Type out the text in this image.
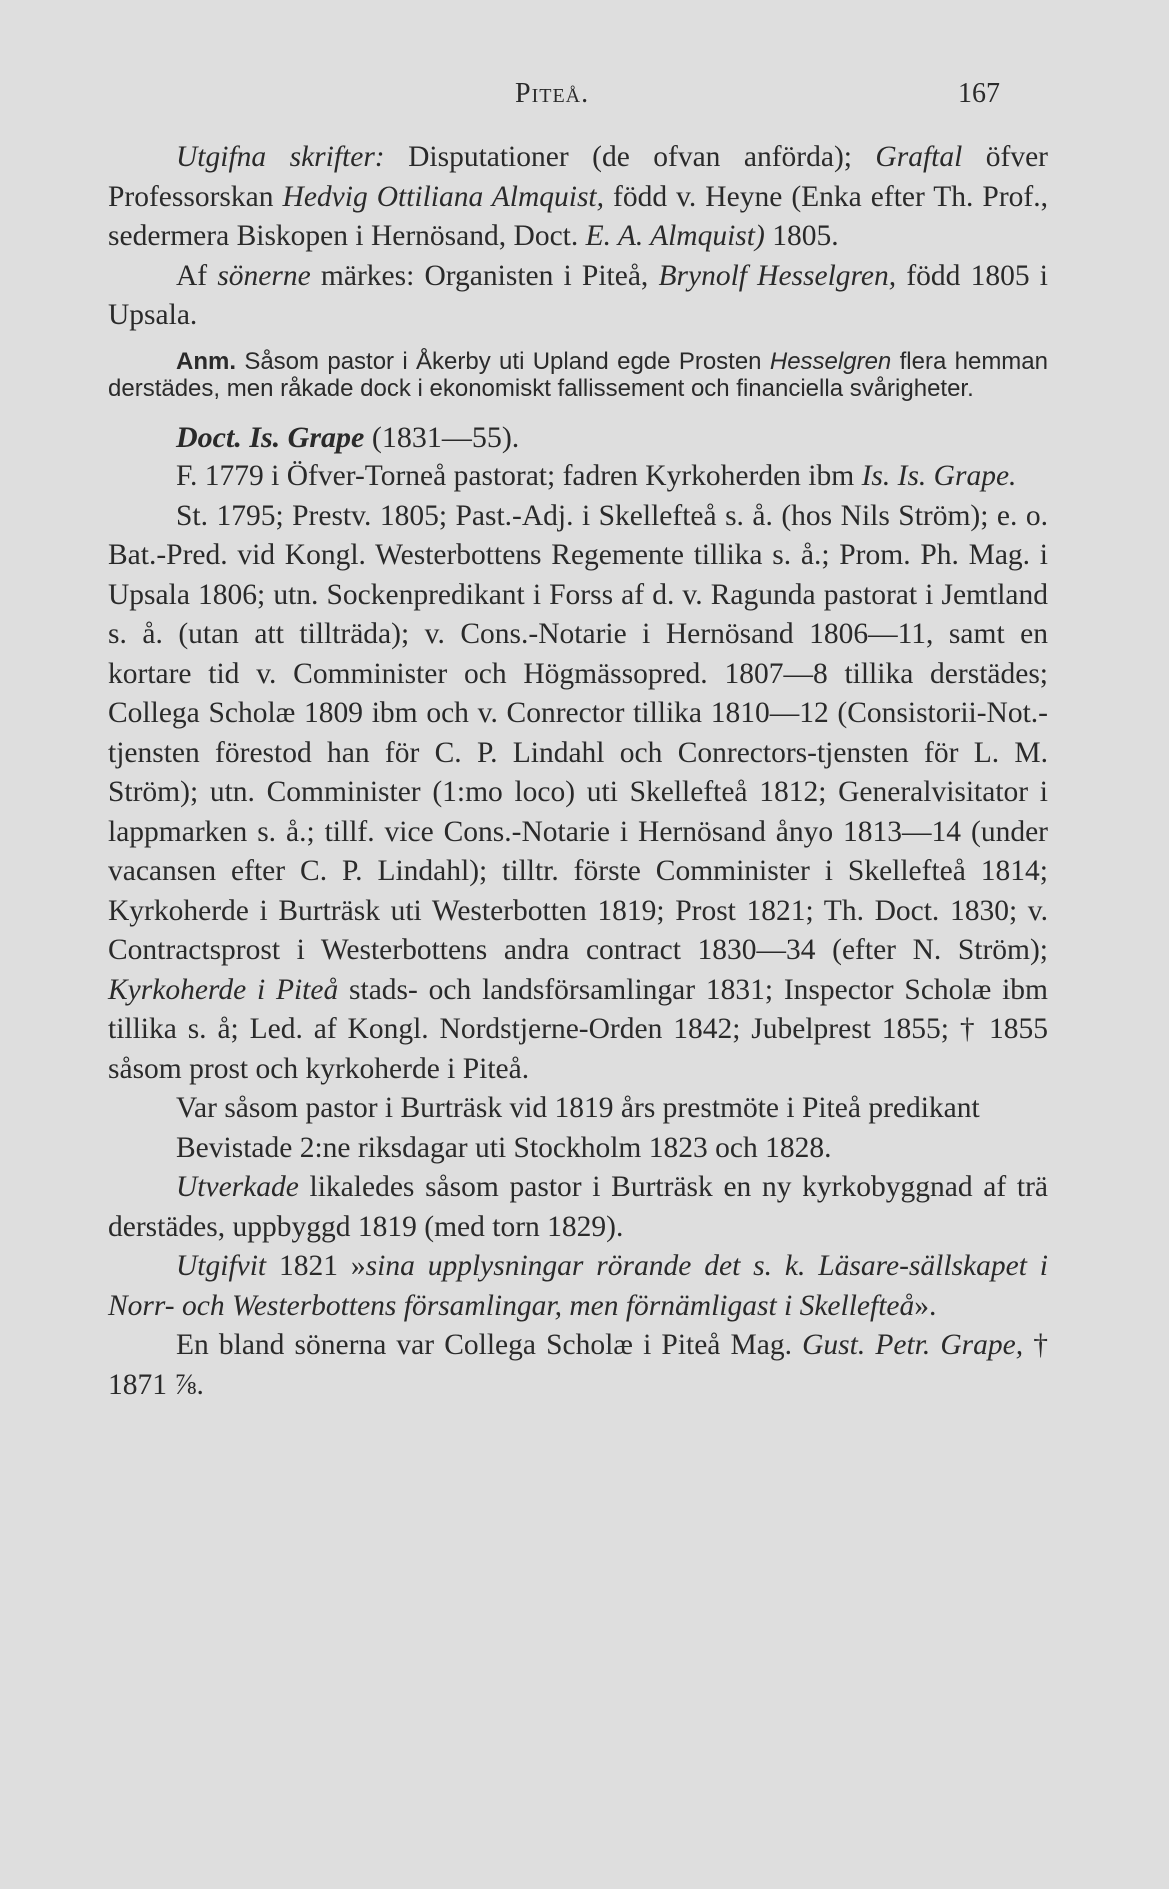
Piteå.	167

Utgifna skrifter: Disputationer (de ofvan anförda); Graftal öfver Professorskan Hedvig Ottiliana Almquist, född v. Heyne (Enka efter Th. Prof., sedermera Biskopen i Hernösand, Doct. E. A. Almquist) 1805.

Af sönerne märkes: Organisten i Piteå, Brynolf Hesselgren, född 1805 i Upsala.

Anm. Såsom pastor i Åkerby uti Upland egde Prosten Hesselgren flera hemman derstädes, men råkade dock i ekonomiskt fallissement och financiella svårigheter.

Doct. Is. Grape (1831—55).

F. 1779 i Öfver-Torneå pastorat; fadren Kyrkoherden ibm Is. Is. Grape.

St. 1795; Prestv. 1805; Past.-Adj. i Skellefteå s. å. (hos Nils Ström); e. o. Bat.-Pred. vid Kongl. Westerbottens Regemente tillika s. å.; Prom. Ph. Mag. i Upsala 1806; utn. Sockenpredikant i Forss af d. v. Ragunda pastorat i Jemtland s. å. (utan att tillträda); v. Cons.-Notarie i Hernösand 1806—11, samt en kortare tid v. Comminister och Högmässopred. 1807—8 tillika derstädes; Collega Scholæ 1809 ibm och v. Conrector tillika 1810—12 (Consistorii-Not.-tjensten förestod han för C. P. Lindahl och Conrectors-tjensten för L. M. Ström); utn. Comminister (1:mo loco) uti Skellefteå 1812; Generalvisitator i lappmarken s. å.; tillf. vice Cons.-Notarie i Hernösand ånyo 1813—14 (under vacansen efter C. P. Lindahl); tilltr. förste Comminister i Skellefteå 1814; Kyrkoherde i Burträsk uti Westerbotten 1819; Prost 1821; Th. Doct. 1830; v. Contractsprost i Westerbottens andra contract 1830—34 (efter N. Ström); Kyrkoherde i Piteå stads- och landsförsamlingar 1831; Inspector Scholæ ibm tillika s. å; Led. af Kongl. Nordstjerne-Orden 1842; Jubelprest 1855; † 1855 såsom prost och kyrkoherde i Piteå.

Var såsom pastor i Burträsk vid 1819 års prestmöte i Piteå predikant

Bevistade 2:ne riksdagar uti Stockholm 1823 och 1828.

Utverkade likaledes såsom pastor i Burträsk en ny kyrkobyggnad af trä derstädes, uppbyggd 1819 (med torn 1829).

Utgifvit 1821 »sina upplysningar rörande det s. k. Läsare-sällskapet i Norr- och Westerbottens församlingar, men förnämligast i Skellefteå».

En bland sönerna var Collega Scholæ i Piteå Mag. Gust. Petr. Grape, † 1871 ⅞.
